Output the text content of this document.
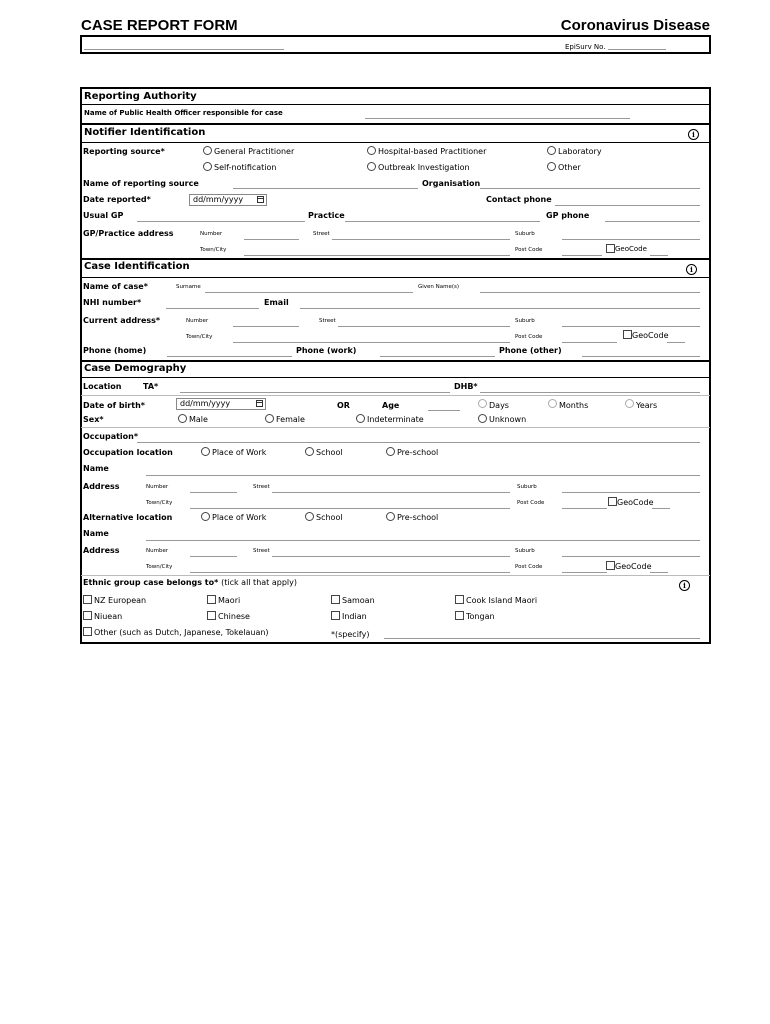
CASE REPORT FORM	Coronavirus Disease
EpiSurv No.
Reporting Authority
Name of Public Health Officer responsible for case
Notifier Identification	i
Reporting source*	General Practitioner	Hospital-based Practitioner	Laboratory
Self-notification	Outbreak Investigation	Other
Name of reporting source	Organisation
Date reported*	dd/mm/yyyy	Contact phone
Usual GP	Practice	GP phone
GP/Practice address	Number	Street	Suburb
Town/City	Post Code	GeoCode
Case Identification	i
Name of case*	Surname	Given Name(s)
NHI number*	Email
Current address*	Number	Street	Suburb
Town/City	Post Code	GeoCode
Phone (home)	Phone (work)	Phone (other)
Case Demography
Location	TA*	DHB*
Date of birth*	dd/mm/yyyy	OR	Age	Days	Months	Years
Sex*	Male	Female	Indeterminate	Unknown
Occupation*
Occupation location	Place of Work	School	Pre-school
Name
Address	Number	Street	Suburb
Town/City	Post Code	GeoCode
Alternative location	Place of Work	School	Pre-school
Name
Address	Number	Street	Suburb
Town/City	Post Code	GeoCode
Ethnic group case belongs to* (tick all that apply)	i
NZ European	Maori	Samoan	Cook Island Maori
Niuean	Chinese	Indian	Tongan
Other (such as Dutch, Japanese, Tokelauan)	*(specify)
